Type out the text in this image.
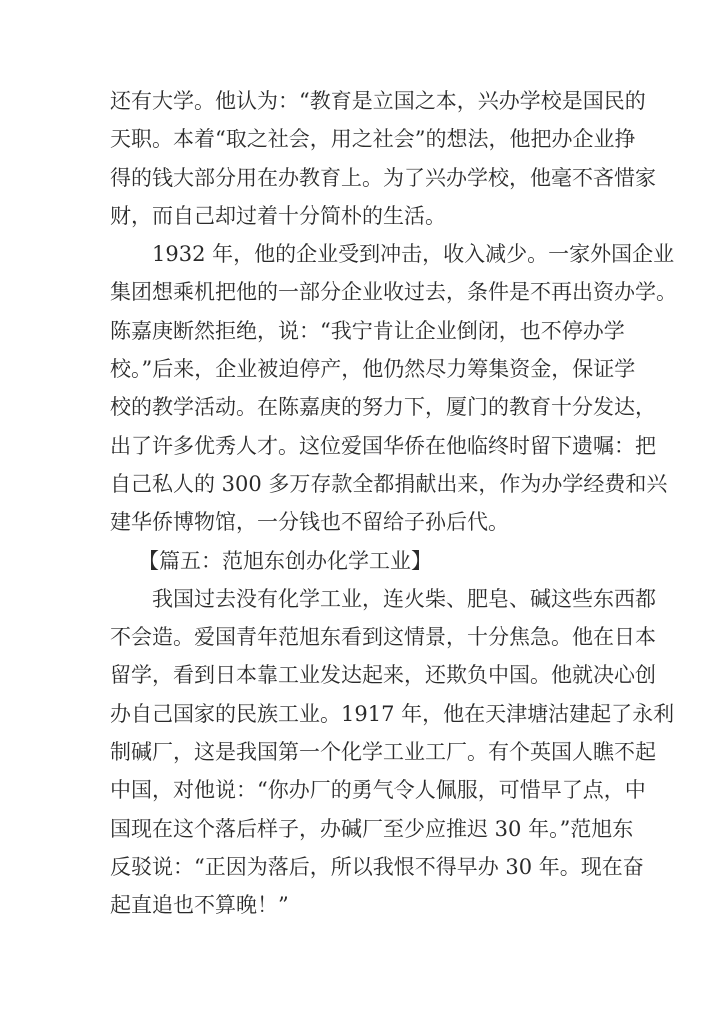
还有大学。他认为：“教育是立国之本，兴办学校是国民的
天职。本着“取之社会，用之社会”的想法，他把办企业挣
得的钱大部分用在办教育上。为了兴办学校，他毫不吝惜家
财，而自己却过着十分简朴的生活。
1932 年，他的企业受到冲击，收入减少。一家外国企业
集团想乘机把他的一部分企业收过去，条件是不再出资办学。
陈嘉庚断然拒绝，说：“我宁肯让企业倒闭，也不停办学
校。”后来，企业被迫停产，他仍然尽力筹集资金，保证学
校的教学活动。在陈嘉庚的努力下，厦门的教育十分发达，
出了许多优秀人才。这位爱国华侨在他临终时留下遗嘱：把
自己私人的 300 多万存款全都捐献出来，作为办学经费和兴
建华侨博物馆，一分钱也不留给子孙后代。
【篇五：范旭东创办化学工业】
我国过去没有化学工业，连火柴、肥皂、碱这些东西都
不会造。爱国青年范旭东看到这情景，十分焦急。他在日本
留学，看到日本靠工业发达起来，还欺负中国。他就决心创
办自己国家的民族工业。1917 年，他在天津塘沽建起了永利
制碱厂，这是我国第一个化学工业工厂。有个英国人瞧不起
中国，对他说：“你办厂的勇气令人佩服，可惜早了点，中
国现在这个落后样子，办碱厂至少应推迟 30 年。”范旭东
反驳说：“正因为落后，所以我恨不得早办 30 年。现在奋
起直追也不算晚！”
